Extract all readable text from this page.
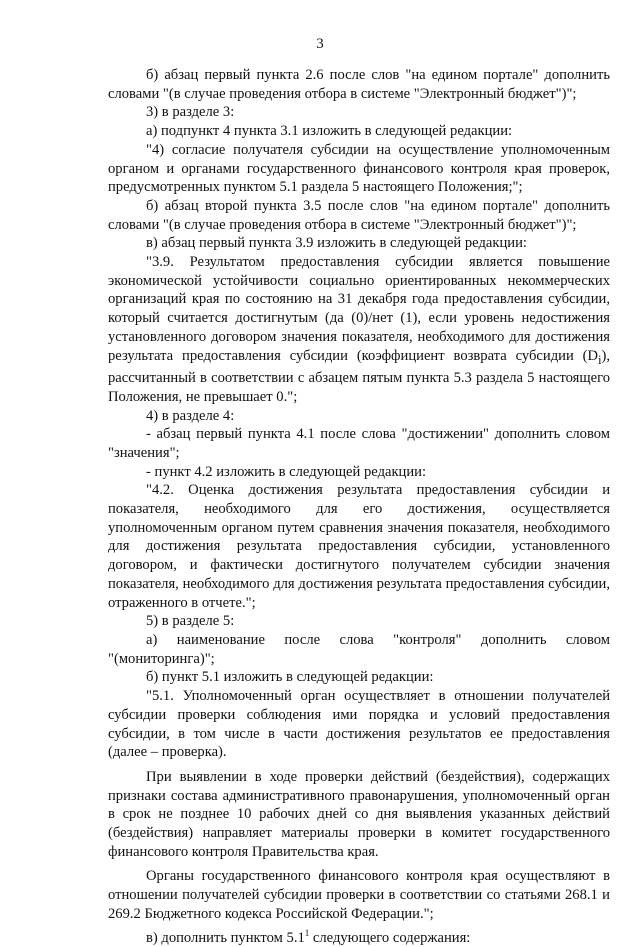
3

б) абзац первый пункта 2.6 после слов "на едином портале" дополнить словами "(в случае проведения отбора в системе "Электронный бюджет")";

3) в разделе 3:

а) подпункт 4 пункта 3.1 изложить в следующей редакции:

"4) согласие получателя субсидии на осуществление уполномоченным органом и органами государственного финансового контроля края проверок, предусмотренных пунктом 5.1 раздела 5 настоящего Положения;";

б) абзац второй пункта 3.5 после слов "на едином портале" дополнить словами "(в случае проведения отбора в системе "Электронный бюджет")";

в) абзац первый пункта 3.9 изложить в следующей редакции:

"3.9. Результатом предоставления субсидии является повышение экономической устойчивости социально ориентированных некоммерческих организаций края по состоянию на 31 декабря года предоставления субсидии, который считается достигнутым (да (0)/нет (1), если уровень недостижения установленного договором значения показателя, необходимого для достижения результата предоставления субсидии (коэффициент возврата субсидии $(D_i)$, рассчитанный в соответствии с абзацем пятым пункта 5.3 раздела 5 настоящего Положения, не превышает 0.";

4) в разделе 4:

- абзац первый пункта 4.1 после слова "достижении" дополнить словом "значения";

- пункт 4.2 изложить в следующей редакции:

"4.2. Оценка достижения результата предоставления субсидии и показателя, необходимого для его достижения, осуществляется уполномоченным органом путем сравнения значения показателя, необходимого для достижения результата предоставления субсидии, установленного договором, и фактически достигнутого получателем субсидии значения показателя, необходимого для достижения результата предоставления субсидии, отраженного в отчете.";

5) в разделе 5:

а) наименование после слова "контроля" дополнить словом

"(мониторинга)";

б) пункт 5.1 изложить в следующей редакции:

"5.1. Уполномоченный орган осуществляет в отношении получателей субсидии проверки соблюдения ими порядка и условий предоставления субсидии, в том числе в части достижения результатов ее предоставления (далее – проверка).

При выявлении в ходе проверки действий (бездействия), содержащих признаки состава административного правонарушения, уполномоченный орган в срок не позднее 10 рабочих дней со дня выявления указанных действий (бездействия) направляет материалы проверки в комитет государственного финансового контроля Правительства края.

Органы государственного финансового контроля края осуществляют в отношении получателей субсидии проверки в соответствии со статьями 268.1 и 269.2 Бюджетного кодекса Российской Федерации.";

в) дополнить пунктом $5.1^1$ следующего содержания:
